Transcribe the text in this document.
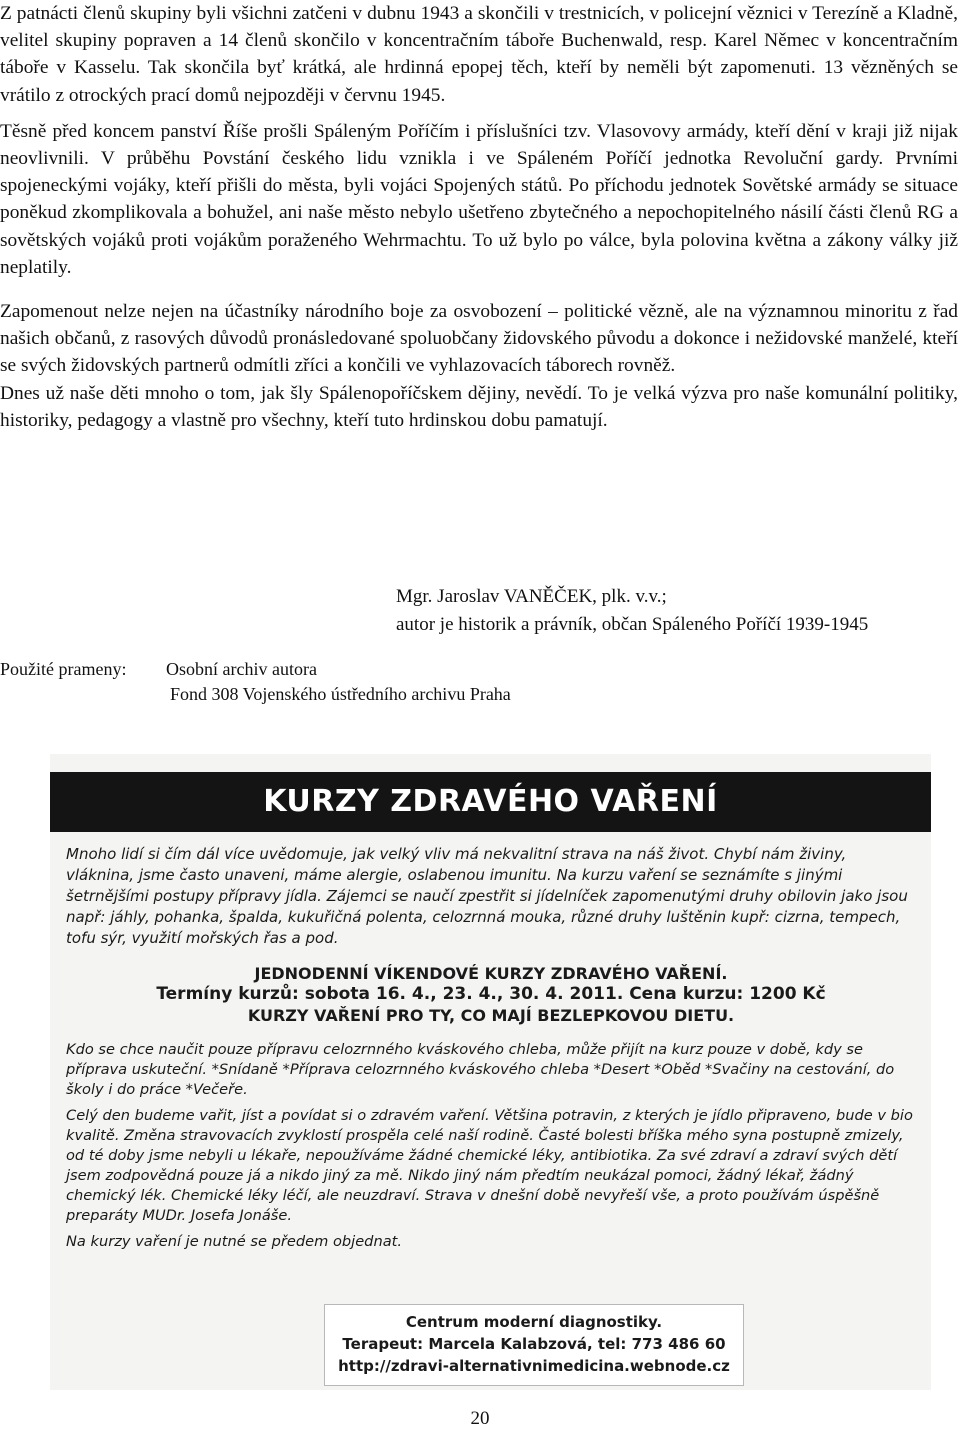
Z patnácti členů skupiny byli všichni zatčeni v dubnu 1943 a skončili v trestnicích, v policejní věznici v Terezíně a Kladně, velitel skupiny popraven a 14 členů skončilo v koncentračním táboře Buchenwald, resp. Karel Němec v koncentračním táboře v Kasselu. Tak skončila byť krátká, ale hrdinná epopej těch, kteří by neměli být zapomenuti. 13 vězněných se vrátilo z otrockých prací domů nejpozději v červnu 1945.

Těsně před koncem panství Říše prošli Spáleným Poříčím i příslušníci tzv. Vlasovovy armády, kteří dění v kraji již nijak neovlivnili. V průběhu Povstání českého lidu vznikla i ve Spáleném Poříčí jednotka Revoluční gardy. Prvními spojeneckými vojáky, kteří přišli do města, byli vojáci Spojených států. Po příchodu jednotek Sovětské armády se situace poněkud zkomplikovala a bohužel, ani naše město nebylo ušetřeno zbytečného a nepochopitelného násilí části členů RG a sovětských vojáků proti vojákům poraženého Wehrmachtu. To už bylo po válce, byla polovina května a zákony války již neplatily.

Zapomenout nelze nejen na účastníky národního boje za osvobození – politické vězně, ale na významnou minoritu z řad našich občanů, z rasových důvodů pronásledované spoluobčany židovského původu a dokonce i nežidovské manželé, kteří se svých židovských partnerů odmítli zříci a končili ve vyhlazovacích táborech rovněž.

Dnes už naše děti mnoho o tom, jak šly Spálenopoříčskem dějiny, nevědí. To je velká výzva pro naše komunální politiky, historiky, pedagogy a vlastně pro všechny, kteří tuto hrdinskou dobu pamatují.

Mgr. Jaroslav VANĚČEK, plk. v.v.;
autor je historik a právník, občan Spáleného Poříčí 1939-1945
Použité prameny: Osobní archiv autora
Fond 308 Vojenského ústředního archivu Praha
KURZY ZDRAVÉHO VAŘENÍ

Mnoho lidí si čím dál více uvědomuje, jak velký vliv má nekvalitní strava na náš život. Chybí nám živiny, vláknina, jsme často unaveni, máme alergie, oslabenou imunitu. Na kurzu vaření se seznámíte s jinými šetrnějšími postupy přípravy jídla. Zájemci se naučí zpestřit si jídelníček zapomenutými druhy obilovin jako jsou např: jáhly, pohanka, špalda, kukuřičná polenta, celozrnná mouka, různé druhy luštěnin kupř: cizrna, tempech, tofu sýr, využití mořských řas a pod.

JEDNODENNÍ VÍKENDOVÉ KURZY ZDRAVÉHO VAŘENÍ.
Termíny kurzů: sobota 16. 4., 23. 4., 30. 4. 2011. Cena kurzu: 1200 Kč
KURZY VAŘENÍ PRO TY, CO MAJÍ BEZLEPKOVOU DIETU.

Kdo se chce naučit pouze přípravu celozrnného kváskového chleba, může přijít na kurz pouze v době, kdy se příprava uskuteční. *Snídaně *Příprava celozrnného kváskového chleba *Desert *Oběd *Svačiny na cestování, do školy i do práce *Večeře.

Celý den budeme vařit, jíst a povídat si o zdravém vaření. Většina potravin, z kterých je jídlo připravenо, bude v bio kvalitě. Změna stravovacích zvyklostí prospěla celé naší rodině. Časté bolesti bříška mého syna postupně zmizely, od té doby jsme nebyli u lékaře, nepoužíváme žádné chemické léky, antibiotika. Za své zdraví a zdraví svých dětí jsem zodpovědná pouze já a nikdo jiný za mě. Nikdo jiný nám předtím neukázal pomoci, žádný lékař, žádný chemický lék. Chemické léky léčí, ale neuzdraví. Strava v dnešní době nevyřeší vše, a proto používám úspěšně preparáty MUDr. Josefa Jonáše.

Na kurzy vaření je nutné se předem objednat.

Centrum moderní diagnostiky.
Terapeut: Marcela Kalabzová, tel: 773 486 60
http://zdravi-alternativnimedicina.webnode.cz
20
